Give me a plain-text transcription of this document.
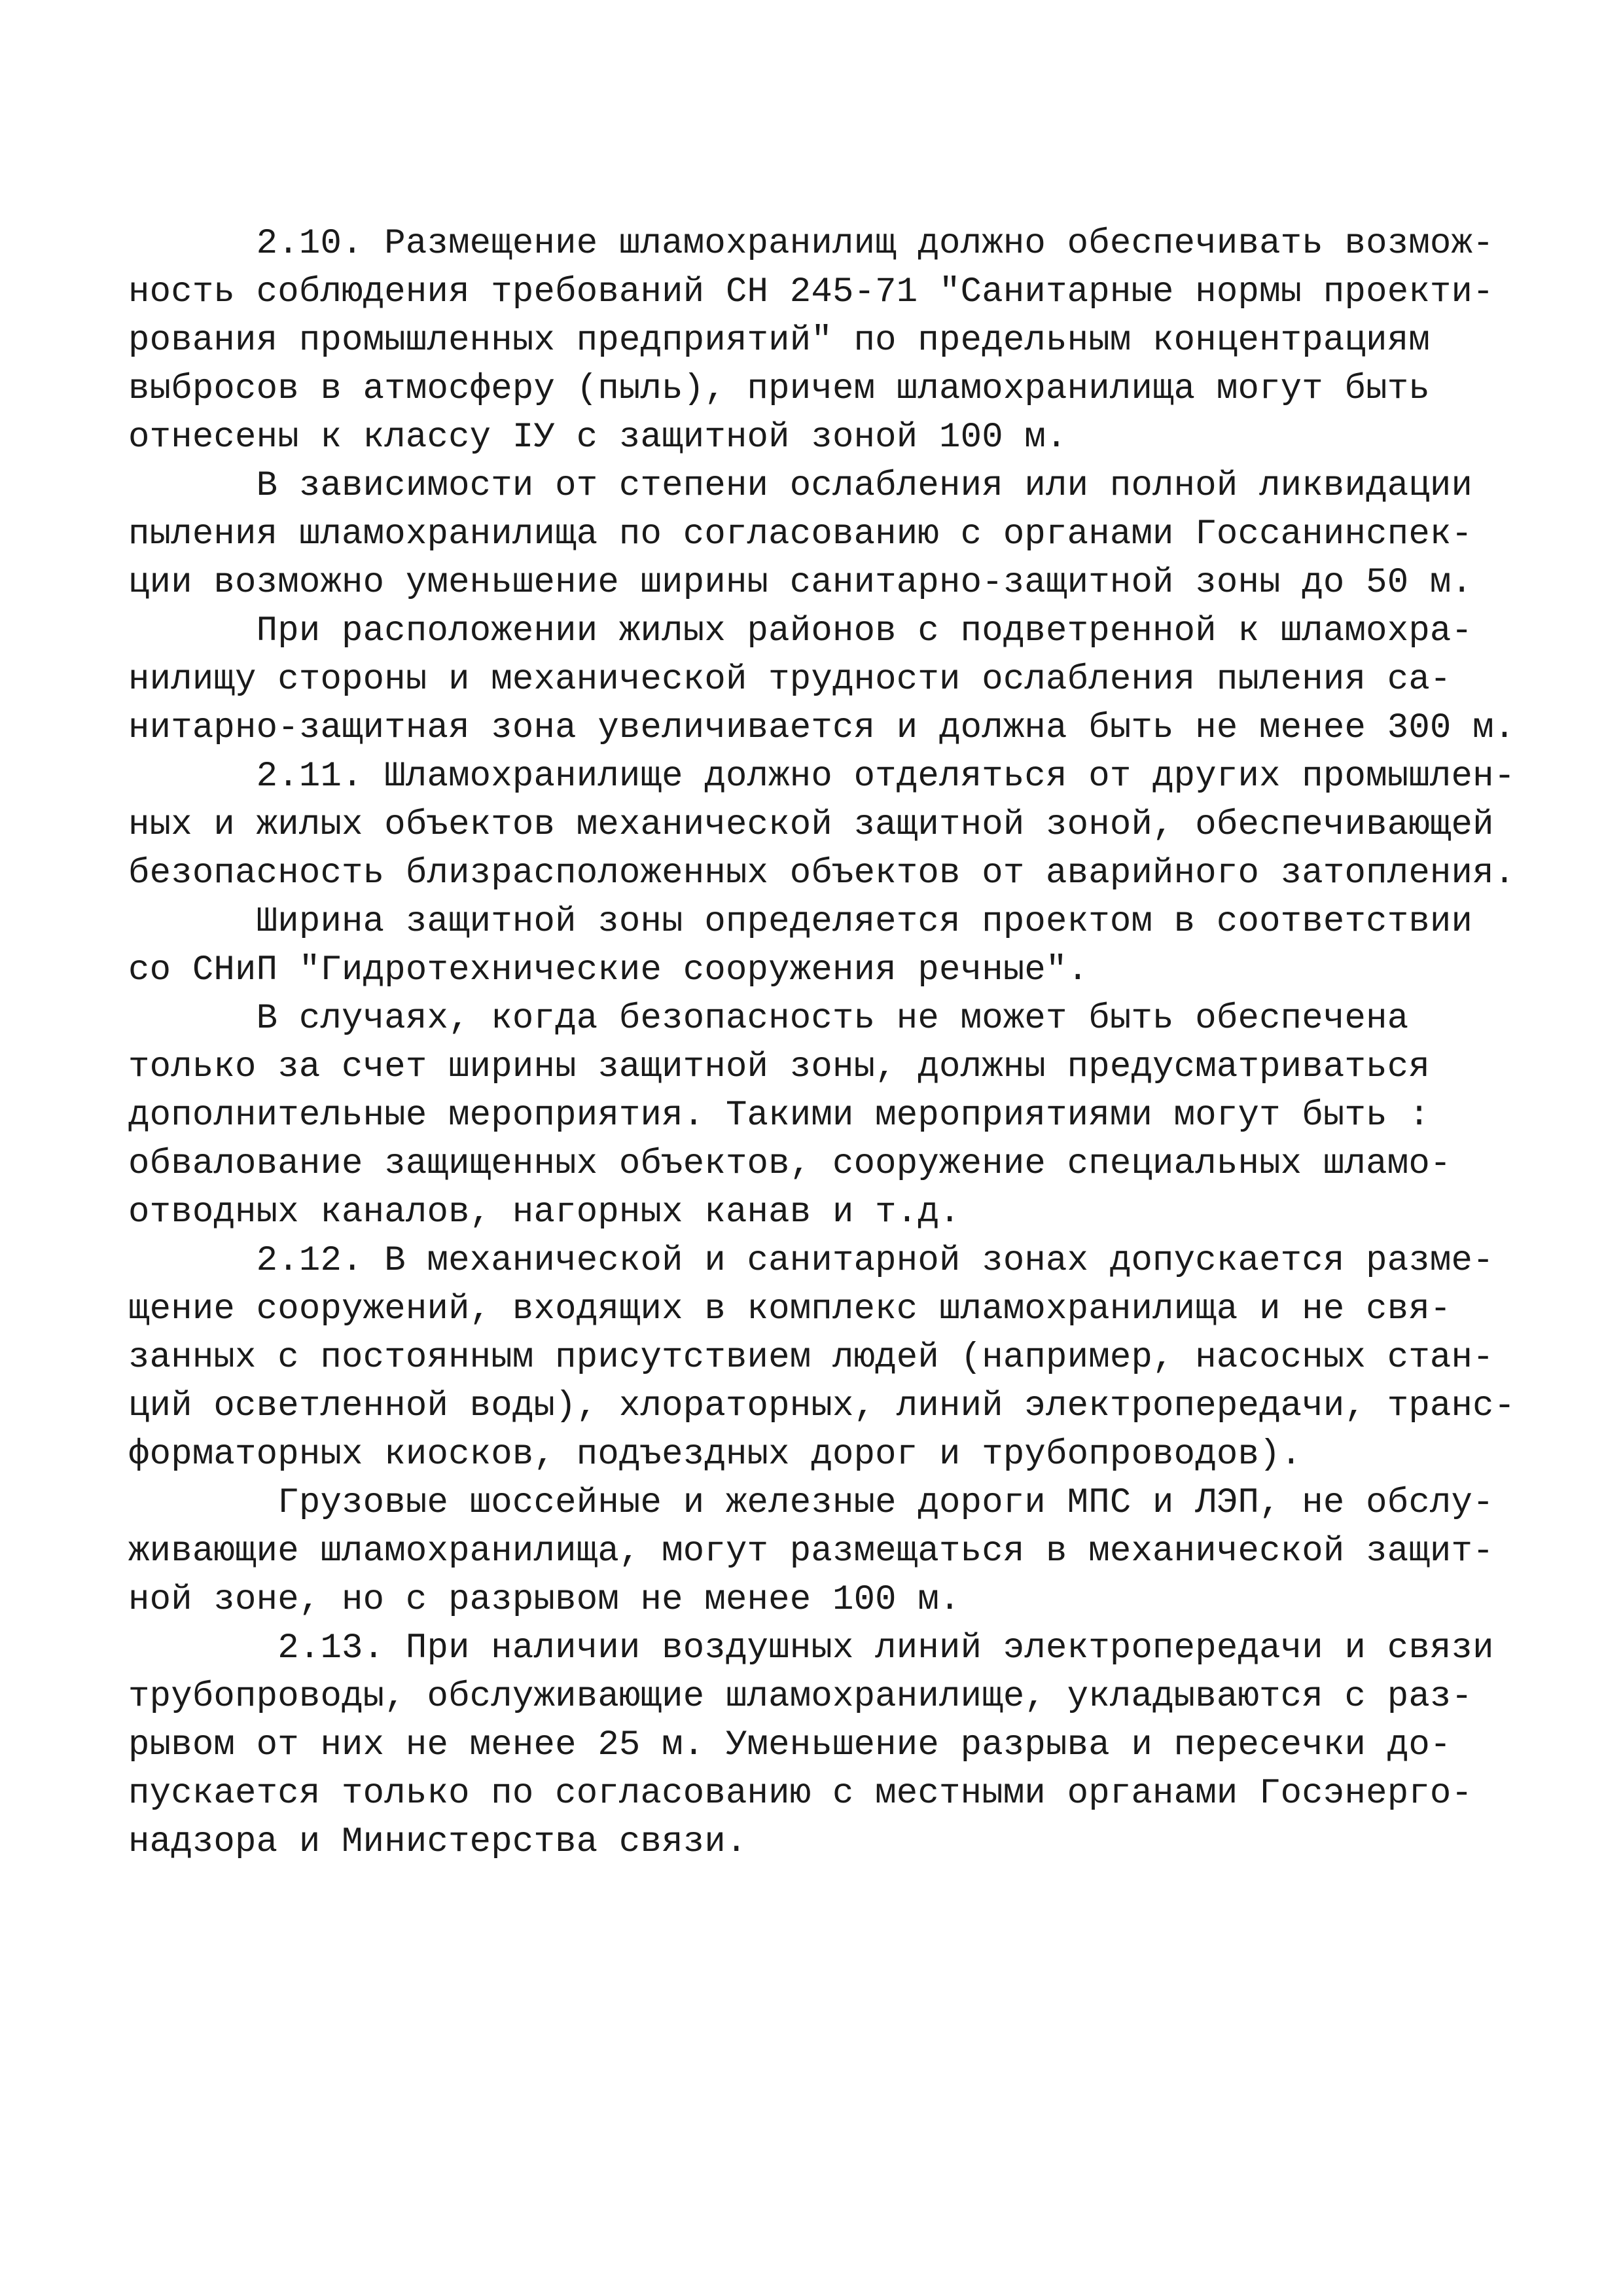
2.10. Размещение шламохранилищ должно обеспечивать возмож-
ность соблюдения требований СН 245-71 "Санитарные нормы проекти-
рования промышленных предприятий" по предельным концентрациям
выбросов в атмосферу (пыль), причем шламохранилища могут быть
отнесены к классу IУ с защитной зоной 100 м.
В зависимости от степени ослабления или полной ликвидации
пыления шламохранилища по согласованию с органами Госсанинспек-
ции возможно уменьшение ширины санитарно-защитной зоны до 50 м.
При расположении жилых районов с подветренной к шламохра-
нилищу стороны и механической трудности ослабления пыления са-
нитарно-защитная зона увеличивается и должна быть не менее 300 м.
2.11. Шламохранилище должно отделяться от других промышлен-
ных и жилых объектов механической защитной зоной, обеспечивающей
безопасность близрасположенных объектов от аварийного затопления.
Ширина защитной зоны определяется проектом в соответствии
со СНиП "Гидротехнические сооружения речные".
В случаях, когда безопасность не может быть обеспечена
только за счет ширины защитной зоны, должны предусматриваться
дополнительные мероприятия. Такими мероприятиями могут быть :
обвалование защищенных объектов, сооружение специальных шламо-
отводных каналов, нагорных канав и т.д.
2.12. В механической и санитарной зонах допускается разме-
щение сооружений, входящих в комплекс шламохранилища и не свя-
занных с постоянным присутствием людей (например, насосных стан-
ций осветленной воды), хлораторных, линий электропередачи, транс-
форматорных киосков, подъездных дорог и трубопроводов).
Грузовые шоссейные и железные дороги МПС и ЛЭП, не обслу-
живающие шламохранилища, могут размещаться в механической защит-
ной зоне, но с разрывом не менее 100 м.
2.13. При наличии воздушных линий электропередачи и связи
трубопроводы, обслуживающие шламохранилище, укладываются с раз-
рывом от них не менее 25 м. Уменьшение разрыва и пересечки до-
пускается только по согласованию с местными органами Госэнерго-
надзора и Министерства связи.
